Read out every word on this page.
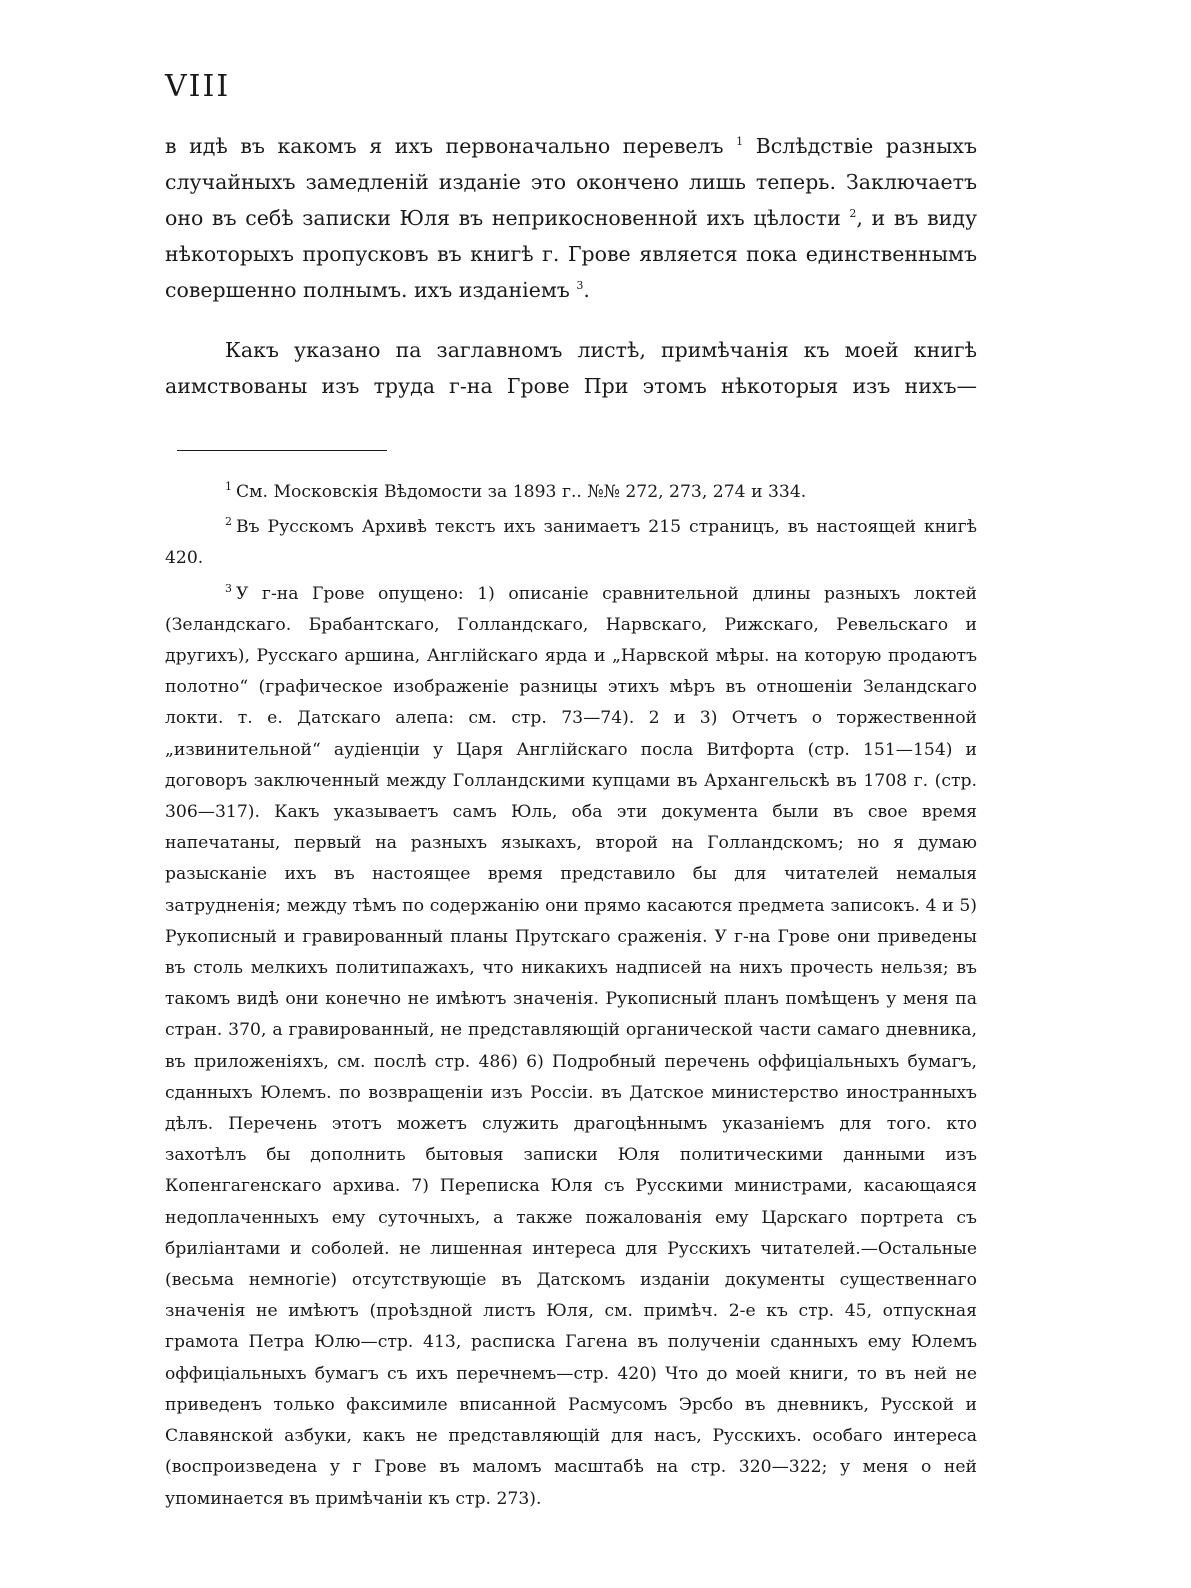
VIII

в идѣ въ какомъ я ихъ первоначально перевелъ $^1$ Вслѣдствіе разныхъ случайныхъ замедленій изданіе это окончено лишь теперь. Заключаетъ оно въ себѣ записки Юля въ неприкосновенной ихъ цѣлости $^2$, и въ виду нѣкоторыхъ пропусковъ въ книгѣ г. Грове является пока единственнымъ совершенно полнымъ. ихъ изданіемъ $^3$.

Какъ указано па заглавномъ листѣ, примѣчанія къ моей книгѣ аимствованы изъ труда г-на Грове При этомъ нѣкоторыя изъ нихъ—

$^1$ См. Московскія Вѣдомости за 1893 г.. №№ 272, 273, 274 и 334.

$^2$ Въ Русскомъ Архивѣ текстъ ихъ занимаетъ 215 страницъ, въ настоящей книгѣ 420.

$^3$ У г-на Грове опущено: 1) описаніе сравнительной длины разныхъ локтей (Зеландскаго. Брабантскаго, Голландскаго, Нарвскаго, Рижскаго, Ревельскаго и другихъ), Русскаго аршина, Англійскаго ярда и „Нарвской мѣры. на которую продаютъ полотно“ (графическое изображеніе разницы этихъ мѣръ въ отношеніи Зеландскаго локти. т. е. Датскаго алепа: см. стр. 73—74). 2 и 3) Отчетъ о торжественной „извинительной“ аудіенціи у Царя Англійскаго посла Витфорта (стр. 151—154) и договоръ заключенный между Голландскими купцами въ Архангельскѣ въ 1708 г. (стр. 306—317). Какъ указываетъ самъ Юль, оба эти документа были въ свое время напечатаны, первый на разныхъ языкахъ, второй на Голландскомъ; но я думаю разысканіе ихъ въ настоящее время представило бы для читателей немалыя затрудненія; между тѣмъ по содержанію они прямо касаются предмета записокъ. 4 и 5) Рукописный и гравированный планы Прутскаго сраженія. У г-на Грове они приведены въ столь мелкихъ политипажахъ, что никакихъ надписей на нихъ прочесть нельзя; въ такомъ видѣ они конечно не имѣютъ значенія. Рукописный планъ помѣщенъ у меня па стран. 370, а гравированный, не представляющій органической части самаго дневника, въ приложеніяхъ, см. послѣ стр. 486) 6) Подробный перечень оффиціальныхъ бумагъ, сданныхъ Юлемъ. по возвращеніи изъ Россіи. въ Датское министерство иностранныхъ дѣлъ. Перечень этотъ можетъ служить драгоцѣннымъ указаніемъ для того. кто захотѣлъ бы дополнить бытовыя записки Юля политическими данными изъ Копенгагенскаго архива. 7) Переписка Юля съ Русскими министрами, касающаяся недоплаченныхъ ему суточныхъ, а также пожалованія ему Царскаго портрета съ бриліантами и соболей. не лишенная интереса для Русскихъ читателей.—Остальные (весьма немногіе) отсутствующіе въ Датскомъ изданіи документы существеннаго значенія не имѣютъ (проѣздной листъ Юля, см. примѣч. 2-е къ стр. 45, отпускная грамота Петра Юлю—стр. 413, расписка Гагена въ полученіи сданныхъ ему Юлемъ оффиціальныхъ бумагъ съ ихъ перечнемъ—стр. 420) Что до моей книги, то въ ней не приведенъ только факсимиле вписанной Расмусомъ Эрсбо въ дневникъ, Русской и Славянской азбуки, какъ не представляющій для насъ, Русскихъ. особаго интереса (воспроизведена у г Грове въ маломъ масштабѣ на стр. 320—322; у меня о ней упоминается въ примѣчаніи къ стр. 273).
